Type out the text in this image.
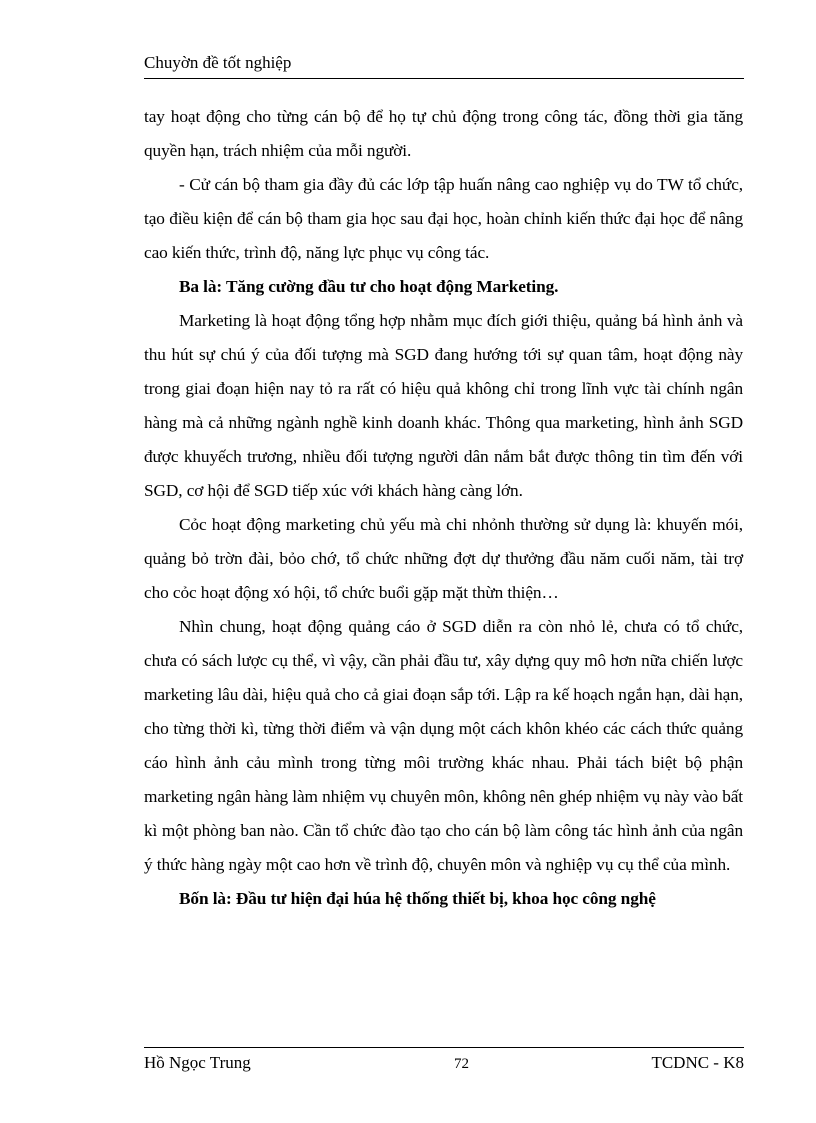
Chuyờn đề tốt nghiệp

tay hoạt động cho từng cán bộ để họ tự chủ động trong công tác, đồng thời gia tăng quyền hạn, trách nhiệm của mỗi người.

- Cử cán bộ tham gia đầy đủ các lớp tập huấn nâng cao nghiệp vụ do TW tổ chức, tạo điều kiện để cán bộ tham gia học sau đại học, hoàn chỉnh kiến thức đại học để nâng cao kiến thức, trình độ, năng lực phục vụ công tác.

Ba là: Tăng cường đầu tư cho hoạt động Marketing.

Marketing là hoạt động tổng hợp nhằm mục đích giới thiệu, quảng bá hình ảnh và thu hút sự chú ý của đối tượng mà SGD đang hướng tới sự quan tâm, hoạt động này trong giai đoạn hiện nay tỏ ra rất có hiệu quả không chỉ trong lĩnh vực tài chính ngân hàng mà cả những ngành nghề kinh doanh khác. Thông qua marketing, hình ảnh SGD được khuyếch trương, nhiều đối tượng người dân nắm bắt được thông tin tìm đến với SGD, cơ hội để SGD tiếp xúc với khách hàng càng lớn.

Cỏc hoạt động marketing chủ yếu mà chi nhỏnh thường sử dụng là: khuyến mói, quảng bỏ trờn đài, bỏo chớ, tổ chức những đợt dự thưởng đầu năm cuối năm, tài trợ cho cỏc hoạt động xó hội, tổ chức buổi gặp mặt thừn thiện…

Nhìn chung, hoạt động quảng cáo ở SGD diễn ra còn nhỏ lẻ, chưa có tổ chức, chưa có sách lược cụ thể, vì vậy, cần phải đầu tư, xây dựng quy mô hơn nữa chiến lược marketing lâu dài, hiệu quả cho cả giai đoạn sắp tới. Lập ra kế hoạch ngắn hạn, dài hạn, cho từng thời kì, từng thời điểm và vận dụng một cách khôn khéo các cách thức quảng cáo hình ảnh cảu mình trong từng môi trường khác nhau. Phải tách biệt bộ phận marketing ngân hàng làm nhiệm vụ chuyên môn, không nên ghép nhiệm vụ này vào bất kì một phòng ban nào. Cần tổ chức đào tạo cho cán bộ làm công tác hình ảnh của ngân ý thức hàng ngày một cao hơn về trình độ, chuyên môn và nghiệp vụ cụ thể của mình.

Bốn là: Đầu tư hiện đại húa hệ thống thiết bị, khoa học công nghệ

Hồ Ngọc Trung	72	TCDNC - K8
